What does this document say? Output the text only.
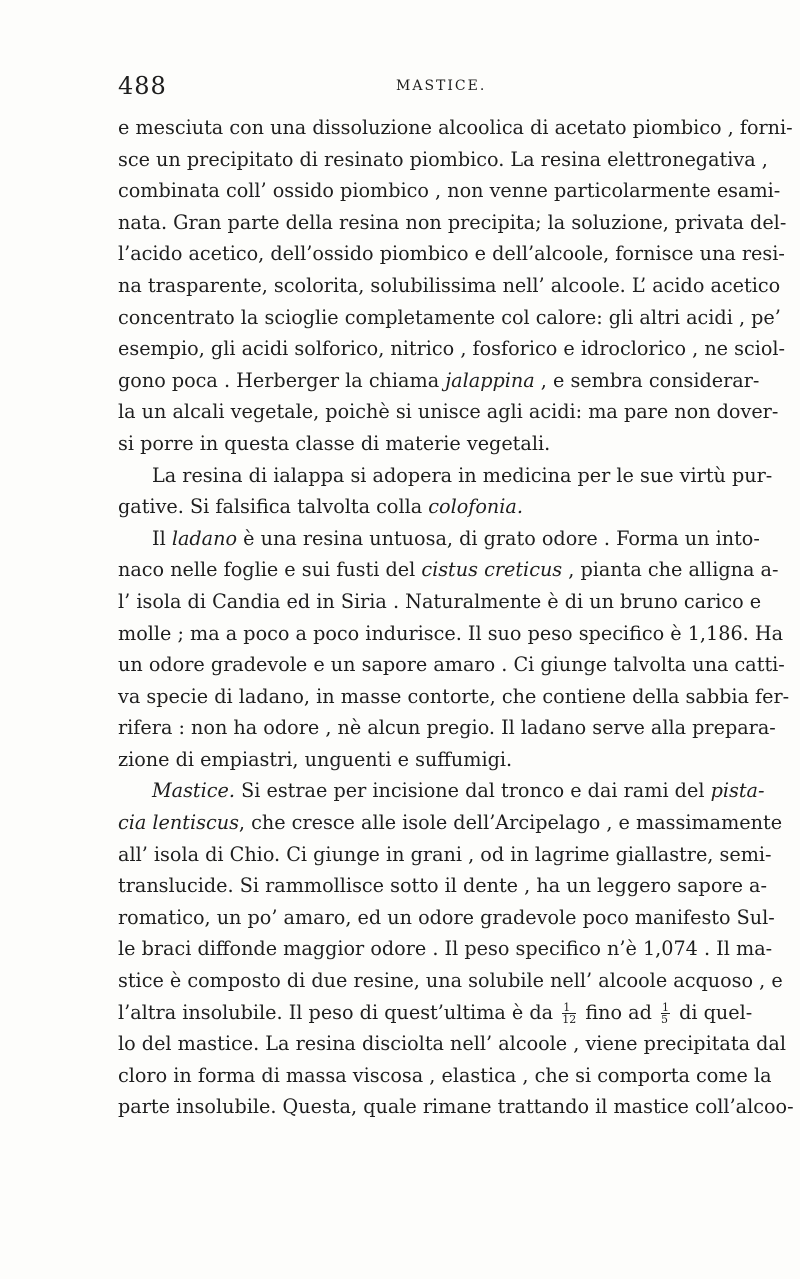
488	MASTICE.
e mesciuta con una dissoluzione alcoolica di acetato piombico , forni-
sce un precipitato di resinato piombico. La resina elettronegativa ,
combinata coll’ ossido piombico , non venne particolarmente esami-
nata. Gran parte della resina non precipita; la soluzione, privata del-
l’acido acetico, dell’ossido piombico e dell’alcoole, fornisce una resi-
na trasparente, scolorita, solubilissima nell’ alcoole. L’ acido acetico
concentrato la scioglie completamente col calore: gli altri acidi , pe’
esempio, gli acidi solforico, nitrico , fosforico e idroclorico , ne sciol-
gono poca . Herberger la chiama jalappina , e sembra considerar-
la un alcali vegetale, poichè si unisce agli acidi: ma pare non dover-
si porre in questa classe di materie vegetali.
La resina di ialappa si adopera in medicina per le sue virtù pur-
gative. Si falsifica talvolta colla colofonia.
Il ladano è una resina untuosa, di grato odore . Forma un into-
naco nelle foglie e sui fusti del cistus creticus , pianta che alligna a-
l’ isola di Candia ed in Siria . Naturalmente è di un bruno carico e
molle ; ma a poco a poco indurisce. Il suo peso specifico è 1,186. Ha
un odore gradevole e un sapore amaro . Ci giunge talvolta una catti-
va specie di ladano, in masse contorte, che contiene della sabbia fer-
rifera : non ha odore , nè alcun pregio. Il ladano serve alla prepara-
zione di empiastri, unguenti e suffumigi.
Mastice. Si estrae per incisione dal tronco e dai rami del pista-
cia lentiscus, che cresce alle isole dell’Arcipelago , e massimamente
all’ isola di Chio. Ci giunge in grani , od in lagrime giallastre, semi-
translucide. Si rammollisce sotto il dente , ha un leggero sapore a-
romatico, un po’ amaro, ed un odore gradevole poco manifesto Sul-
le braci diffonde maggior odore . Il peso specifico n’è 1,074 . Il ma-
stice è composto di due resine, una solubile nell’ alcoole acquoso , e
l’altra insolubile. Il peso di quest’ultima è da $\frac{1}{12}$ fino ad $\frac{1}{5}$ di quel-
lo del mastice. La resina disciolta nell’ alcoole , viene precipitata dal
cloro in forma di massa viscosa , elastica , che si comporta come la
parte insolubile. Questa, quale rimane trattando il mastice coll’alcoo-
